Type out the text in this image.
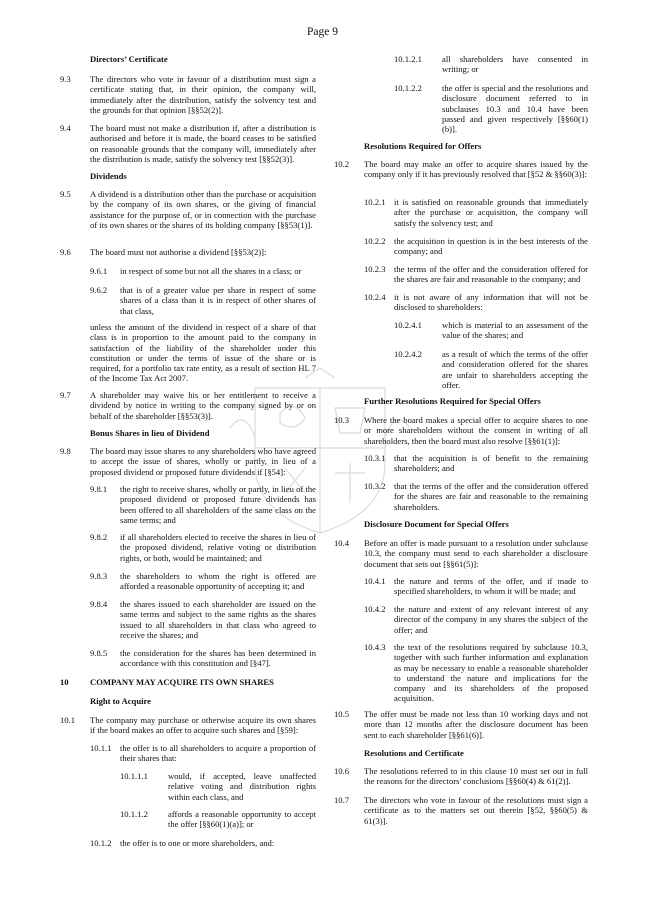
Page 9
Directors’ Certificate
9.3 The directors who vote in favour of a distribution must sign a certificate stating that, in their opinion, the company will, immediately after the distribution, satisfy the solvency test and the grounds for that opinion [§§52(2)].
9.4 The board must not make a distribution if, after a distribution is authorised and before it is made, the board ceases to be satisfied on reasonable grounds that the company will, immediately after the distribution is made, satisfy the solvency test [§§52(3)].
Dividends
9.5 A dividend is a distribution other than the purchase or acquisition by the company of its own shares, or the giving of financial assistance for the purpose of, or in connection with the purchase of its own shares or the shares of its holding company [§§53(1)].
9.6 The board must not authorise a dividend [§§53(2)]:
9.6.1 in respect of some but not all the shares in a class; or
9.6.2 that is of a greater value per share in respect of some shares of a class than it is in respect of other shares of that class,
unless the amount of the dividend in respect of a share of that class is in proportion to the amount paid to the company in satisfaction of the liability of the shareholder under this constitution or under the terms of issue of the share or is required, for a portfolio tax rate entity, as a result of section HL 7 of the Income Tax Act 2007.
9.7 A shareholder may waive his or her entitlement to receive a dividend by notice in writing to the company signed by or on behalf of the shareholder [§§53(3)].
Bonus Shares in lieu of Dividend
9.8 The board may issue shares to any shareholders who have agreed to accept the issue of shares, wholly or partly, in lieu of a proposed dividend or proposed future dividends if [§54]:
9.8.1 the right to receive shares, wholly or partly, in lieu of the proposed dividend or proposed future dividends has been offered to all shareholders of the same class on the same terms; and
9.8.2 if all shareholders elected to receive the shares in lieu of the proposed dividend, relative voting or distribution rights, or both, would be maintained; and
9.8.3 the shareholders to whom the right is offered are afforded a reasonable opportunity of accepting it; and
9.8.4 the shares issued to each shareholder are issued on the same terms and subject to the same rights as the shares issued to all shareholders in that class who agreed to receive the shares; and
9.8.5 the consideration for the shares has been determined in accordance with this constitution and [§47].
10 COMPANY MAY ACQUIRE ITS OWN SHARES
Right to Acquire
10.1 The company may purchase or otherwise acquire its own shares if the board makes an offer to acquire such shares and [§59]:
10.1.1 the offer is to all shareholders to acquire a proportion of their shares that:
10.1.1.1 would, if accepted, leave unaffected relative voting and distribution rights within each class, and
10.1.1.2 affords a reasonable opportunity to accept the offer [§§60(1)(a)]; or
10.1.2 the offer is to one or more shareholders, and:
10.1.2.1 all shareholders have consented in writing; or
10.1.2.2 the offer is special and the resolutions and disclosure document referred to in subclauses 10.3 and 10.4 have been passed and given respectively [§§60(1)(b)].
Resolutions Required for Offers
10.2 The board may make an offer to acquire shares issued by the company only if it has previously resolved that [§52 & §§60(3)]:
10.2.1 it is satisfied on reasonable grounds that immediately after the purchase or acquisition, the company will satisfy the solvency test; and
10.2.2 the acquisition in question is in the best interests of the company; and
10.2.3 the terms of the offer and the consideration offered for the shares are fair and reasonable to the company; and
10.2.4 it is not aware of any information that will not be disclosed to shareholders:
10.2.4.1 which is material to an assessment of the value of the shares; and
10.2.4.2 as a result of which the terms of the offer and consideration offered for the shares are unfair to shareholders accepting the offer.
Further Resolutions Required for Special Offers
10.3 Where the board makes a special offer to acquire shares to one or more shareholders without the consent in writing of all shareholders, then the board must also resolve [§§61(1)]:
10.3.1 that the acquisition is of benefit to the remaining shareholders; and
10.3.2 that the terms of the offer and the consideration offered for the shares are fair and reasonable to the remaining shareholders.
Disclosure Document for Special Offers
10.4 Before an offer is made pursuant to a resolution under subclause 10.3, the company must send to each shareholder a disclosure document that sets out [§§61(5)]:
10.4.1 the nature and terms of the offer, and if made to specified shareholders, to whom it will be made; and
10.4.2 the nature and extent of any relevant interest of any director of the company in any shares the subject of the offer; and
10.4.3 the text of the resolutions required by subclause 10.3, together with such further information and explanation as may be necessary to enable a reasonable shareholder to understand the nature and implications for the company and its shareholders of the proposed acquisition.
10.5 The offer must be made not less than 10 working days and not more than 12 months after the disclosure document has been sent to each shareholder [§§61(6)].
Resolutions and Certificate
10.6 The resolutions referred to in this clause 10 must set out in full the reasons for the directors' conclusions [§§60(4) & 61(2)].
10.7 The directors who vote in favour of the resolutions must sign a certificate as to the matters set out therein [§52, §§60(5) & 61(3)].
